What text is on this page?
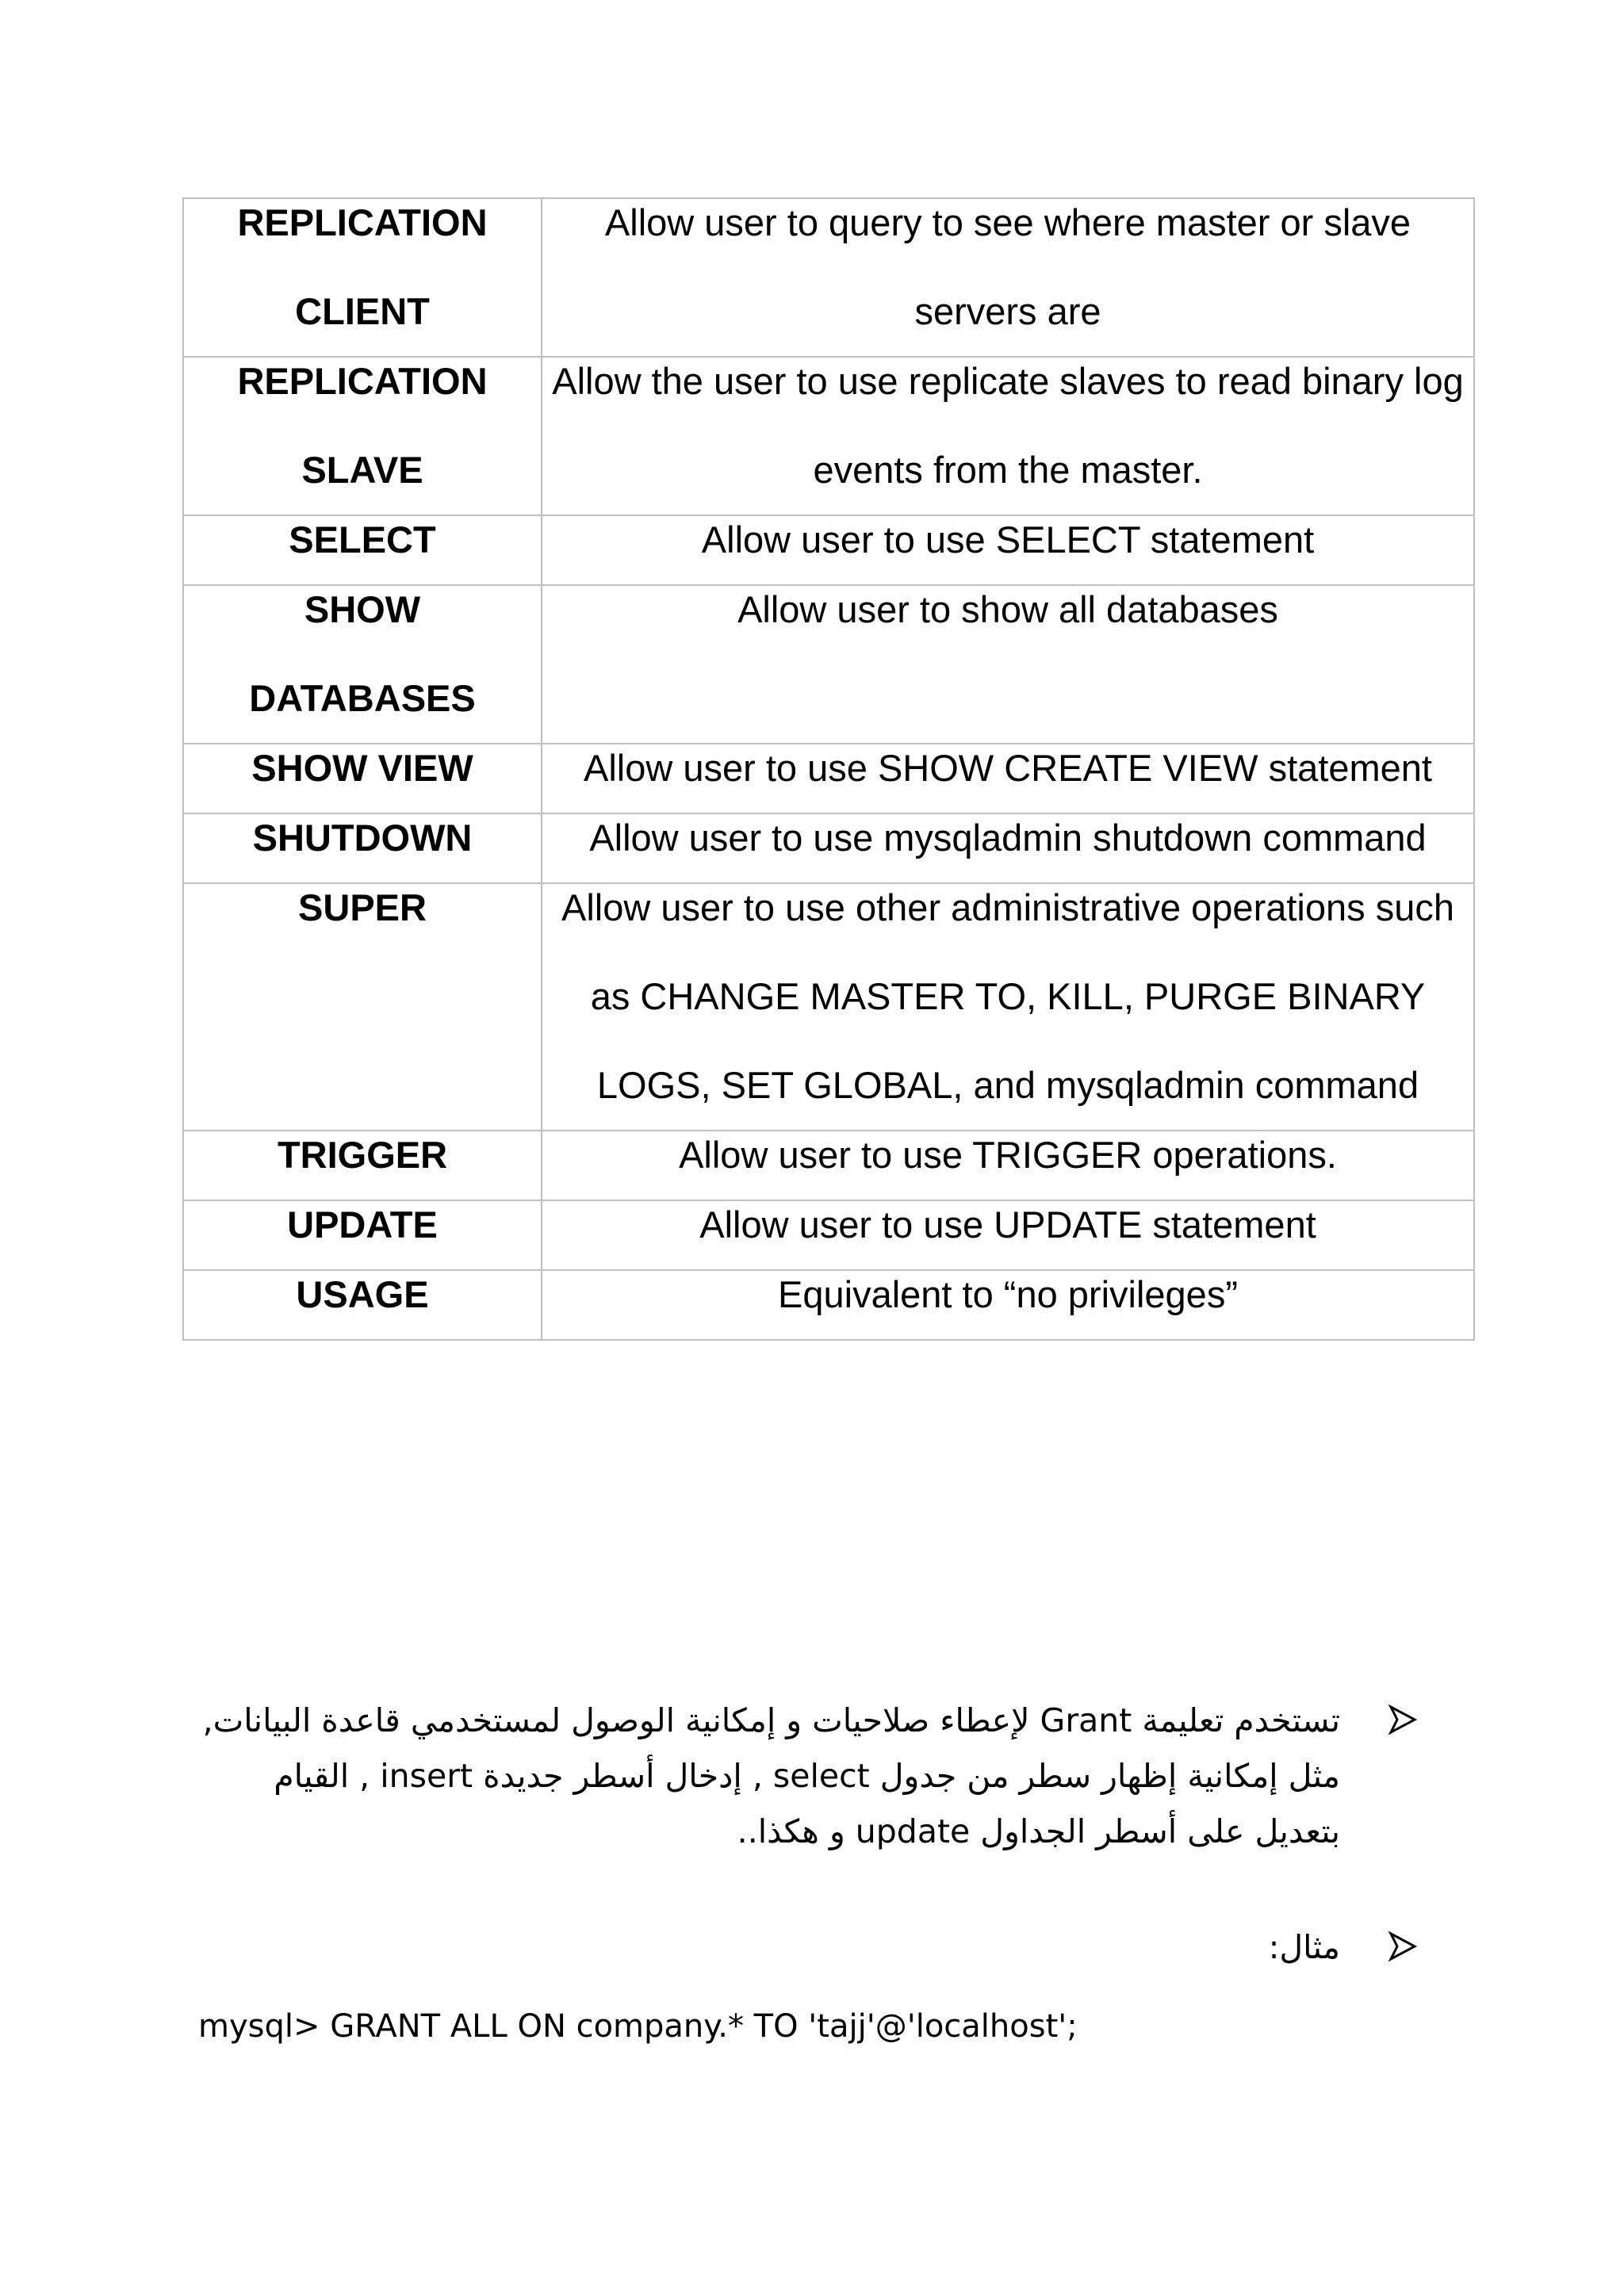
REPLICATION CLIENT	Allow user to query to see where master or slave servers are

REPLICATION SLAVE	Allow the user to use replicate slaves to read binary log events from the master.

SELECT	Allow user to use SELECT statement

SHOW DATABASES	Allow user to show all databases

SHOW VIEW	Allow user to use SHOW CREATE VIEW statement

SHUTDOWN	Allow user to use mysqladmin shutdown command

SUPER	Allow user to use other administrative operations such as CHANGE MASTER TO, KILL, PURGE BINARY LOGS, SET GLOBAL, and mysqladmin command

TRIGGER	Allow user to use TRIGGER operations.

UPDATE	Allow user to use UPDATE statement

USAGE	Equivalent to “no privileges”

تستخدم تعليمة Grant لإعطاء صلاحيات و إمكانية الوصول لمستخدمي قاعدة البيانات, مثل إمكانية إظهار سطر من جدول select , إدخال أسطر جديدة insert , القيام بتعديل على أسطر الجداول update و هكذا..

مثال:

mysql> GRANT ALL ON company.* TO 'tajj'@'localhost';
